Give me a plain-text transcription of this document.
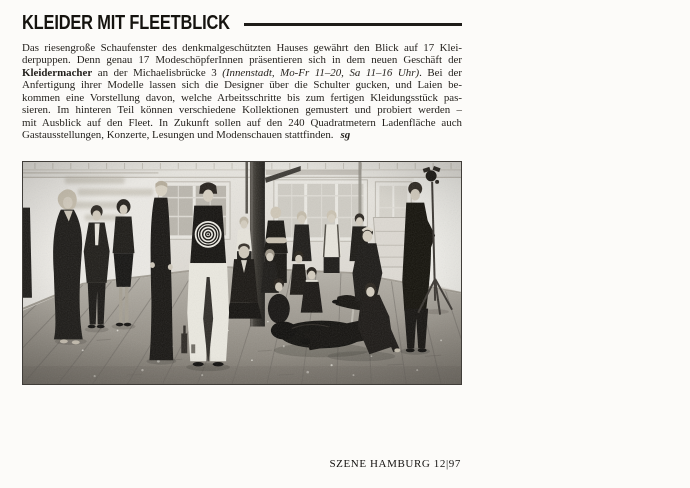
KLEIDER MIT FLEETBLICK
Das riesengroße Schaufenster des denkmalgeschützten Hauses gewährt den Blick auf 17 Klei-
derpuppen. Denn genau 17 ModeschöpferInnen präsentieren sich in dem neuen Geschäft der
Kleidermacher an der Michaelisbrücke 3 (Innenstadt, Mo-Fr 11–20, Sa 11–16 Uhr). Bei der
Anfertigung ihrer Modelle lassen sich die Designer über die Schulter gucken, und Laien be-
kommen eine Vorstellung davon, welche Arbeitsschritte bis zum fertigen Kleidungsstück pas-
sieren. Im hinteren Teil können verschiedene Kollektionen gemustert und probiert werden –
mit Ausblick auf den Fleet. In Zukunft sollen auf den 240 Quadratmetern Ladenfläche auch
Gastausstellungen, Konzerte, Lesungen und Modenschauen stattfinden. sg
SZENE HAMBURG 12|97
